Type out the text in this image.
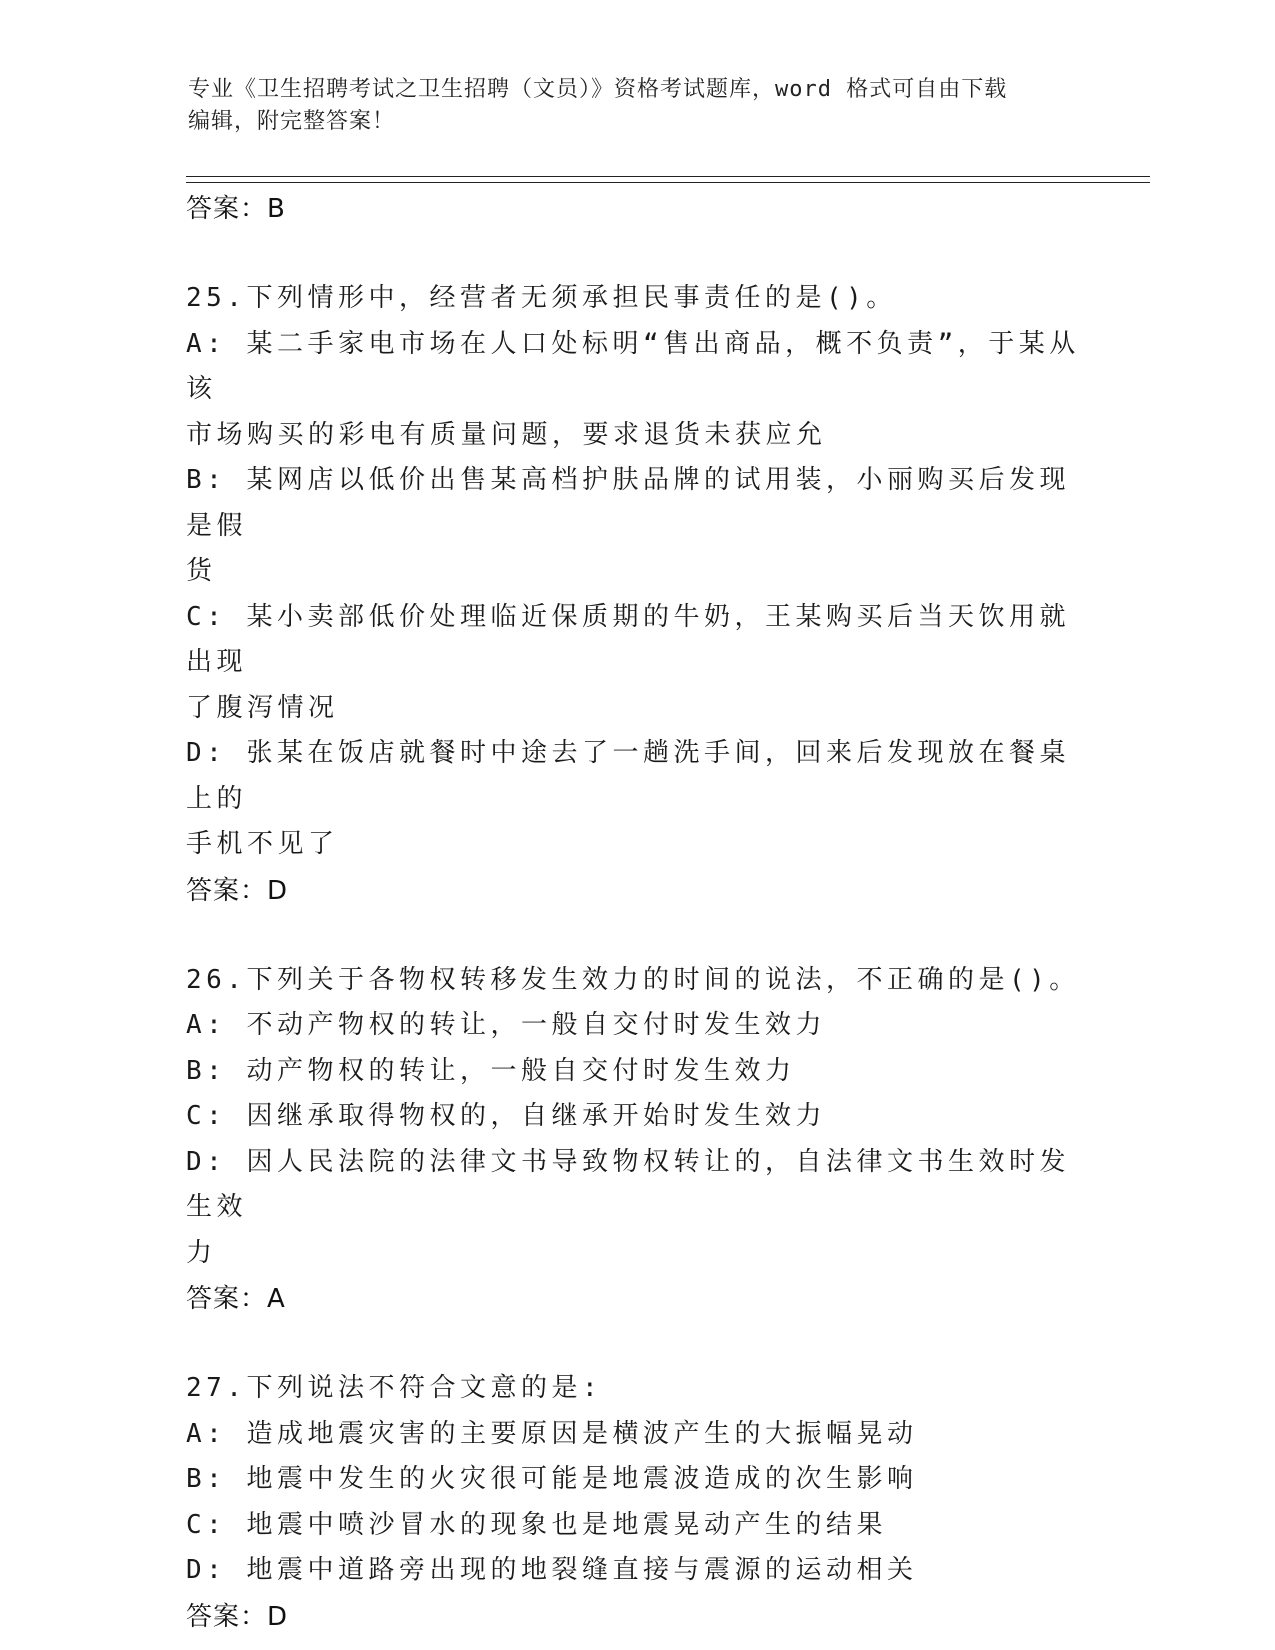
专业《卫生招聘考试之卫生招聘（文员）》资格考试题库，word 格式可自由下载
编辑，附完整答案！
答案：B
25.下列情形中，经营者无须承担民事责任的是()。
A: 某二手家电市场在人口处标明“售出商品，概不负责”，于某从该
市场购买的彩电有质量问题，要求退货未获应允
B: 某网店以低价出售某高档护肤品牌的试用装，小丽购买后发现是假
货
C: 某小卖部低价处理临近保质期的牛奶，王某购买后当天饮用就出现
了腹泻情况
D: 张某在饭店就餐时中途去了一趟洗手间，回来后发现放在餐桌上的
手机不见了
答案：D
26.下列关于各物权转移发生效力的时间的说法，不正确的是()。
A: 不动产物权的转让，一般自交付时发生效力
B: 动产物权的转让，一般自交付时发生效力
C: 因继承取得物权的，自继承开始时发生效力
D: 因人民法院的法律文书导致物权转让的，自法律文书生效时发生效
力
答案：A
27.下列说法不符合文意的是:
A: 造成地震灾害的主要原因是横波产生的大振幅晃动
B: 地震中发生的火灾很可能是地震波造成的次生影响
C: 地震中喷沙冒水的现象也是地震晃动产生的结果
D: 地震中道路旁出现的地裂缝直接与震源的运动相关
答案：D
